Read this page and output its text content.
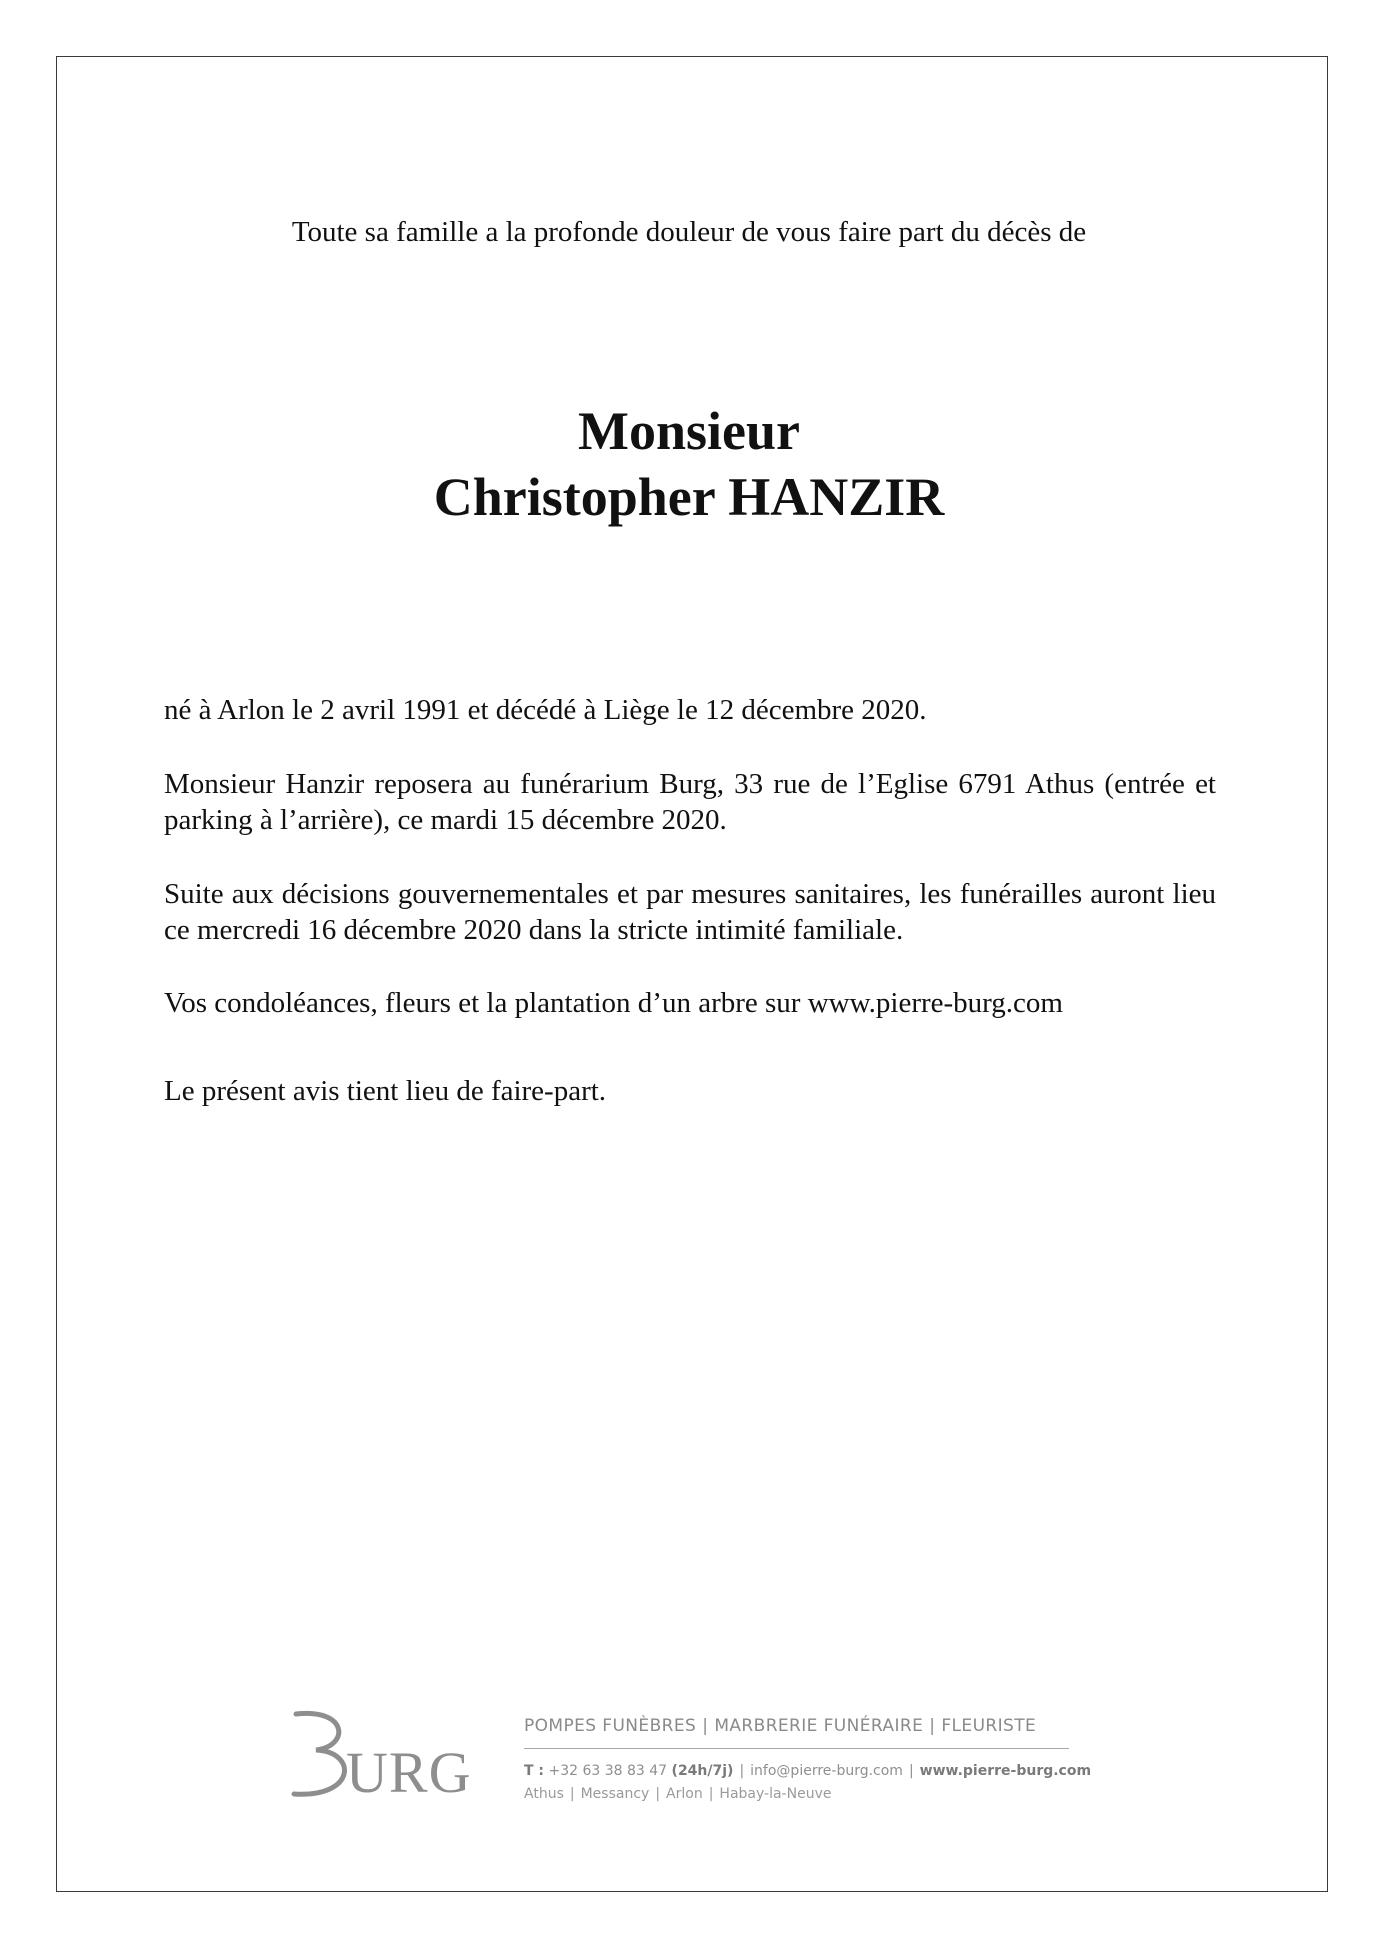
Toute sa famille a la profonde douleur de vous faire part du décès de
Monsieur
Christopher HANZIR
né à Arlon le 2 avril 1991 et décédé à Liège le 12 décembre 2020.
Monsieur Hanzir reposera au funérarium Burg, 33 rue de l’Eglise 6791 Athus (entrée et parking à l’arrière), ce mardi 15 décembre 2020.
Suite aux décisions gouvernementales et par mesures sanitaires, les funérailles auront lieu ce mercredi 16 décembre 2020 dans la stricte intimité familiale.
Vos condoléances, fleurs et la plantation d’un arbre sur www.pierre-burg.com
Le présent avis tient lieu de faire-part.
URG
POMPES FUNÈBRES | MARBRERIE FUNÉRAIRE | FLEURISTE
T : +32 63 38 83 47 (24h/7j) | info@pierre-burg.com | www.pierre-burg.com
Athus | Messancy | Arlon | Habay-la-Neuve
